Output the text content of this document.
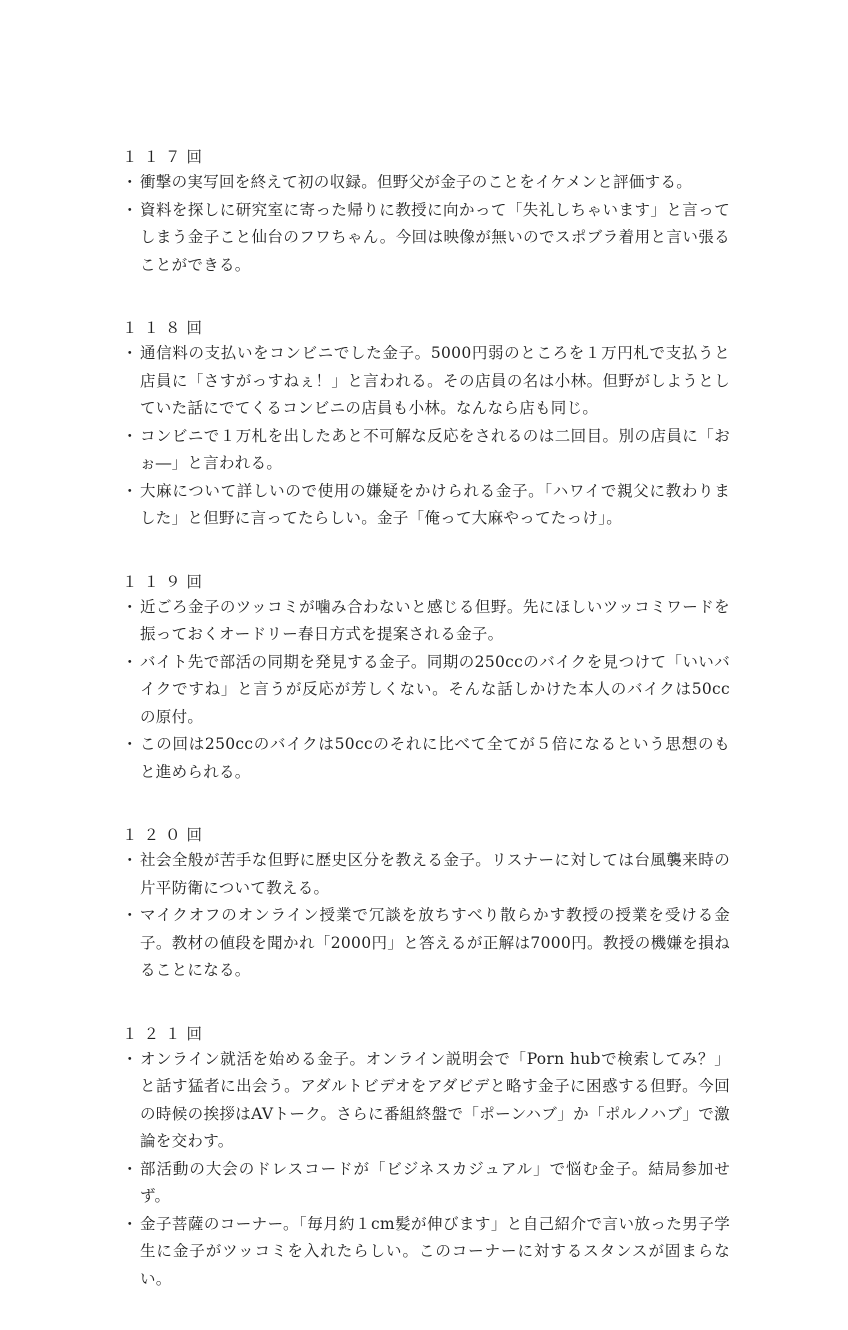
１１７回
・ 衝撃の実写回を終えて初の収録。但野父が金子のことをイケメンと評価する。
・ 資料を探しに研究室に寄った帰りに教授に向かって「失礼しちゃいます」と言ってしまう金子こと仙台のフワちゃん。今回は映像が無いのでスポブラ着用と言い張ることができる。
１１８回
・ 通信料の支払いをコンビニでした金子。5000円弱のところを１万円札で支払うと店員に「さすがっすねぇ！」と言われる。その店員の名は小林。但野がしようとしていた話にでてくるコンビニの店員も小林。なんなら店も同じ。
・ コンビニで１万札を出したあと不可解な反応をされるのは二回目。別の店員に「おぉ―」と言われる。
・ 大麻について詳しいので使用の嫌疑をかけられる金子。「ハワイで親父に教わりました」と但野に言ってたらしい。金子「俺って大麻やってたっけ」。
１１９回
・ 近ごろ金子のツッコミが噛み合わないと感じる但野。先にほしいツッコミワードを振っておくオードリー春日方式を提案される金子。
・ バイト先で部活の同期を発見する金子。同期の250ccのバイクを見つけて「いいバイクですね」と言うが反応が芳しくない。そんな話しかけた本人のバイクは50ccの原付。
・ この回は250ccのバイクは50ccのそれに比べて全てが５倍になるという思想のもと進められる。
１２０回
・ 社会全般が苦手な但野に歴史区分を教える金子。リスナーに対しては台風襲来時の片平防衛について教える。
・ マイクオフのオンライン授業で冗談を放ちすべり散らかす教授の授業を受ける金子。教材の値段を聞かれ「2000円」と答えるが正解は7000円。教授の機嫌を損ねることになる。
１２１回
・ オンライン就活を始める金子。オンライン説明会で「Porn hubで検索してみ？」と話す猛者に出会う。アダルトビデオをアダビデと略す金子に困惑する但野。今回の時候の挨拶はAVトーク。さらに番組終盤で「ポーンハブ」か「ポルノハブ」で激論を交わす。
・ 部活動の大会のドレスコードが「ビジネスカジュアル」で悩む金子。結局参加せず。
・ 金子菩薩のコーナー。「毎月約１cm髪が伸びます」と自己紹介で言い放った男子学生に金子がツッコミを入れたらしい。このコーナーに対するスタンスが固まらない。
